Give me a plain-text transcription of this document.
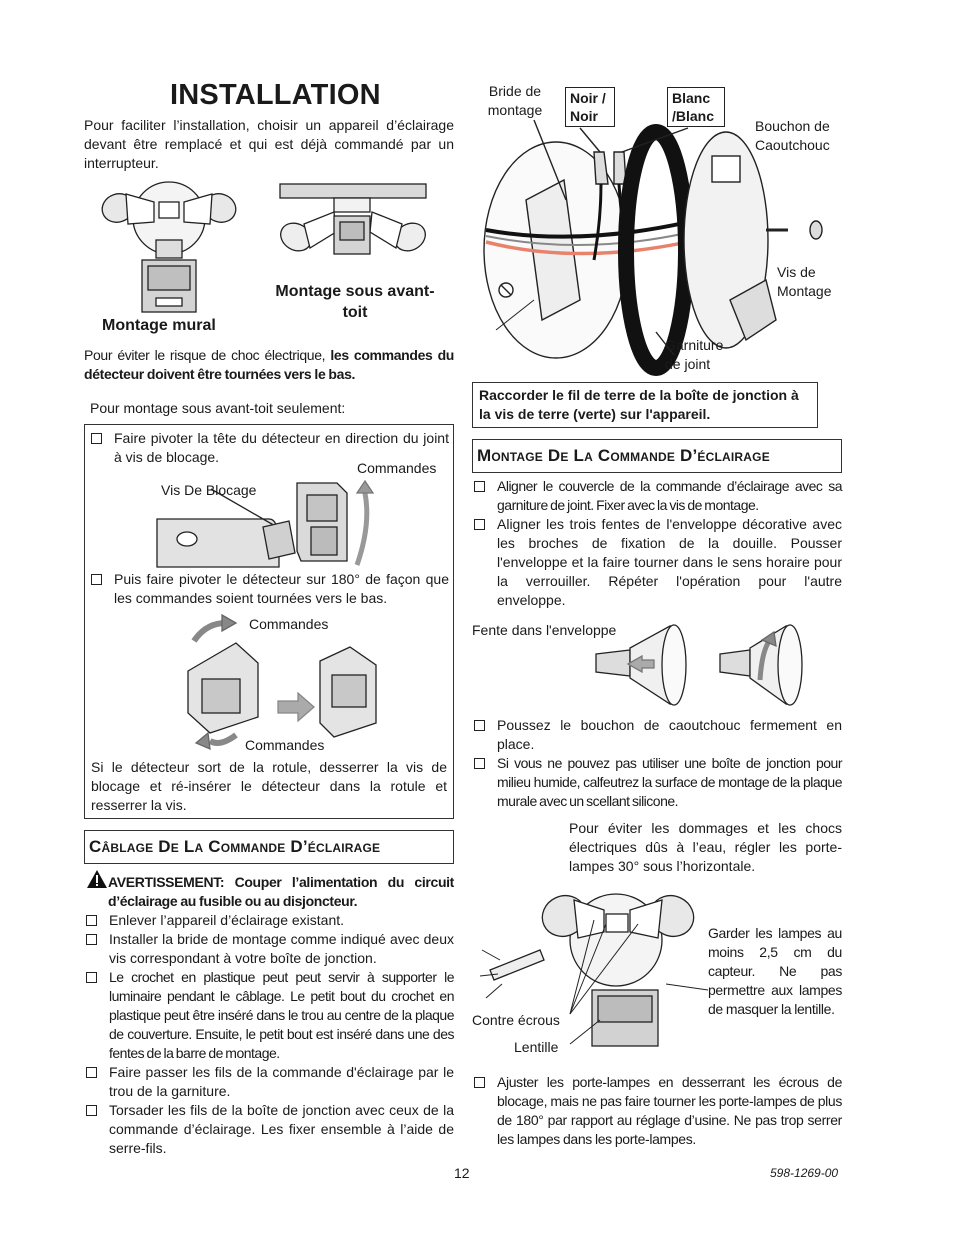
INSTALLATION
Pour faciliter l’installation, choisir un appareil d’éclairage devant être remplacé et qui est déjà commandé par un interrupteur.
Montage sous avant-toit
Montage mural
Pour éviter le risque de choc électrique, les commandes du détecteur doivent être tournées vers le bas.
Pour montage sous avant-toit seulement:
Faire pivoter la tête du détecteur en direction du joint à vis de blocage.
Commandes
Vis De Blocage
Puis faire pivoter le détecteur sur 180° de façon que les commandes soient tournées vers le bas.
Commandes
Commandes
Si le détecteur sort de la rotule, desserrer la vis de blocage et ré-insérer le détecteur dans la rotule et resserrer la vis.
Câblage De La Commande D’éclairage
AVERTISSEMENT: Couper l’alimentation du circuit d’éclairage au fusible ou au disjoncteur.
Enlever l’appareil d’éclairage existant.
Installer la bride de montage comme indiqué avec deux vis correspondant à votre boîte de jonction.
Le crochet en plastique peut peut servir à supporter le luminaire pendant le câblage. Le petit bout du crochet en plastique peut être inséré dans le trou au centre de la plaque de couverture. Ensuite, le petit bout est inséré dans une des fentes de la barre de montage.
Faire passer les fils de la commande d'éclairage par le trou de la garniture.
Torsader les fils de la boîte de jonction avec ceux de la commande d’éclairage. Les fixer ensemble à l’aide de serre-fils.
Bride de montage
Noir / Noir
Blanc /Blanc
Bouchon de Caoutchouc
Vis de Montage
Garniture de joint
Raccorder le fil de terre de la boîte de jonction à la vis de terre (verte) sur l'appareil.
Montage De La Commande D’éclairage
Aligner le couvercle de la commande d’éclairage avec sa garniture de joint. Fixer avec la vis de montage.
Aligner les trois fentes de l'enveloppe décorative avec les broches de fixation de la douille. Pousser l'enveloppe et la faire tourner dans le sens horaire pour la verrouiller. Répéter l'opération pour l'autre enveloppe.
Fente dans l'enveloppe
Poussez le bouchon de caoutchouc fermement en place.
Si vous ne pouvez pas utiliser une boîte de jonction pour milieu humide, calfeutrez la surface de montage de la plaque murale avec un scellant silicone.
Pour éviter les dommages et les chocs électriques dûs à l’eau, régler les porte-lampes 30° sous l’horizontale.
Garder les lampes au moins 2,5 cm du capteur. Ne pas permettre aux lampes de masquer la lentille.
Contre écrous
Lentille
Ajuster les porte-lampes en desserrant les écrous de blocage, mais ne pas faire tourner les porte-lampes de plus de 180° par rapport au réglage d’usine. Ne pas trop serrer les lampes dans les porte-lampes.
12	598-1269-00
